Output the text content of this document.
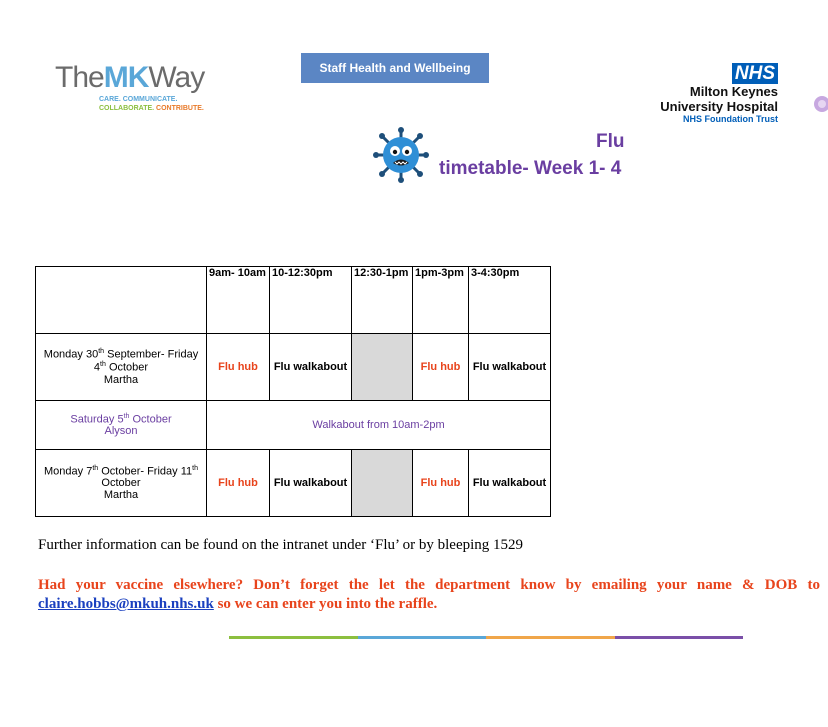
TheMKWay
CARE. COMMUNICATE.
COLLABORATE. CONTRIBUTE.
Staff Health and Wellbeing	NHS
Milton Keynes
University Hospital
NHS Foundation Trust
Flu
timetable- Week 1- 4
	9am- 10am	10-12:30pm	12:30-1pm	1pm-3pm	3-4:30pm
Monday 30th September- Friday
4th October
Martha	Flu hub	Flu walkabout		Flu hub	Flu walkabout
Saturday 5th October
Alyson	Walkabout from 10am-2pm				
Monday 7th October- Friday 11th
October
Martha	Flu hub	Flu walkabout		Flu hub	Flu walkabout
Further information can be found on the intranet under ‘Flu’ or by bleeping 1529
Had your vaccine elsewhere? Don’t forget the let the department know by emailing your name & DOB to claire.hobbs@mkuh.nhs.uk so we can enter you into the raffle.
